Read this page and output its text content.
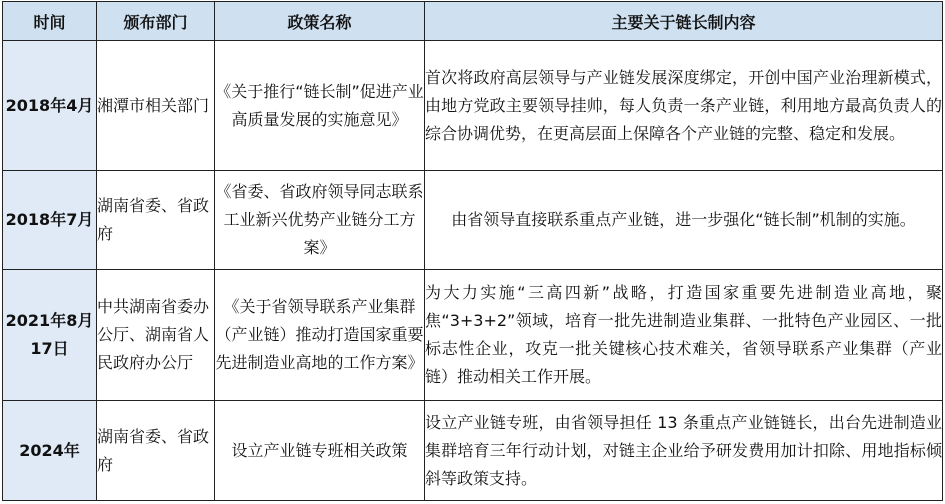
时间	颁布部门	政策名称	主要关于链长制内容
2018年4月	湘潭市相关部门	《关于推行“链长制”促进产业高质量发展的实施意见》	首次将政府高层领导与产业链发展深度绑定，开创中国产业治理新模式，由地方党政主要领导挂帅，每人负责一条产业链，利用地方最高负责人的综合协调优势，在更高层面上保障各个产业链的完整、稳定和发展。
2018年7月	湖南省委、省政府	《省委、省政府领导同志联系工业新兴优势产业链分工方案》	由省领导直接联系重点产业链，进一步强化“链长制”机制的实施。
2021年8月17日	中共湖南省委办公厅、湖南省人民政府办公厅	《关于省领导联系产业集群（产业链）推动打造国家重要先进制造业高地的工作方案》	为大力实施“三高四新”战略，打造国家重要先进制造业高地，聚焦“3+3+2”领域，培育一批先进制造业集群、一批特色产业园区、一批标志性企业，攻克一批关键核心技术难关，省领导联系产业集群（产业链）推动相关工作开展。
2024年	湖南省委、省政府	设立产业链专班相关政策	设立产业链专班，由省领导担任 13 条重点产业链链长，出台先进制造业集群培育三年行动计划，对链主企业给予研发费用加计扣除、用地指标倾斜等政策支持。
